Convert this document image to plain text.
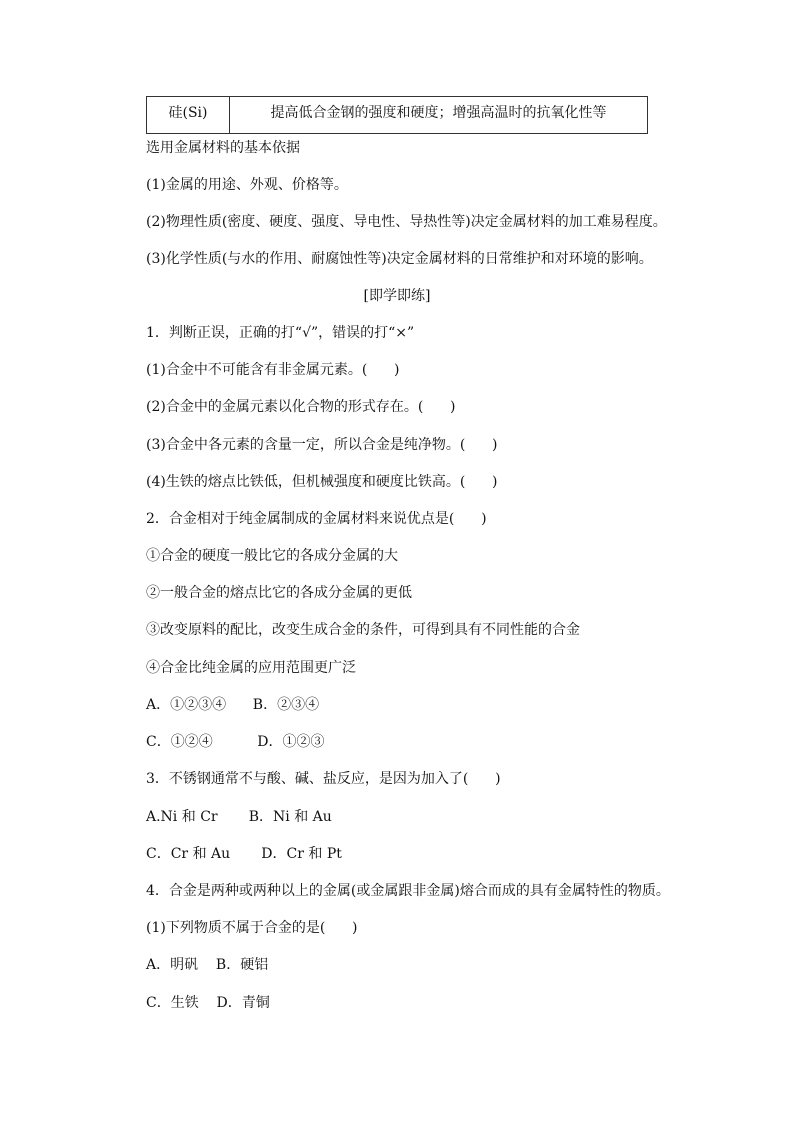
硅(Si)	提高低合金钢的强度和硬度；增强高温时的抗氧化性等
选用金属材料的基本依据
(1)金属的用途、外观、价格等。
(2)物理性质(密度、硬度、强度、导电性、导热性等)决定金属材料的加工难易程度。
(3)化学性质(与水的作用、耐腐蚀性等)决定金属材料的日常维护和对环境的影响。
[即学即练]
1．判断正误，正确的打“√”，错误的打“×”
(1)合金中不可能含有非金属元素。(      )
(2)合金中的金属元素以化合物的形式存在。(      )
(3)合金中各元素的含量一定，所以合金是纯净物。(      )
(4)生铁的熔点比铁低，但机械强度和硬度比铁高。(      )
2．合金相对于纯金属制成的金属材料来说优点是(      )
①合金的硬度一般比它的各成分金属的大
②一般合金的熔点比它的各成分金属的更低
③改变原料的配比，改变生成合金的条件，可得到具有不同性能的合金
④合金比纯金属的应用范围更广泛
A．①②③④      B．②③④
C．①②④          D．①②③
3．不锈钢通常不与酸、碱、盐反应，是因为加入了(      )
A.Ni 和 Cr       B．Ni 和 Au
C．Cr 和 Au       D．Cr 和 Pt
4．合金是两种或两种以上的金属(或金属跟非金属)熔合而成的具有金属特性的物质。
(1)下列物质不属于合金的是(      )
A．明矾    B．硬铝
C．生铁    D．青铜
